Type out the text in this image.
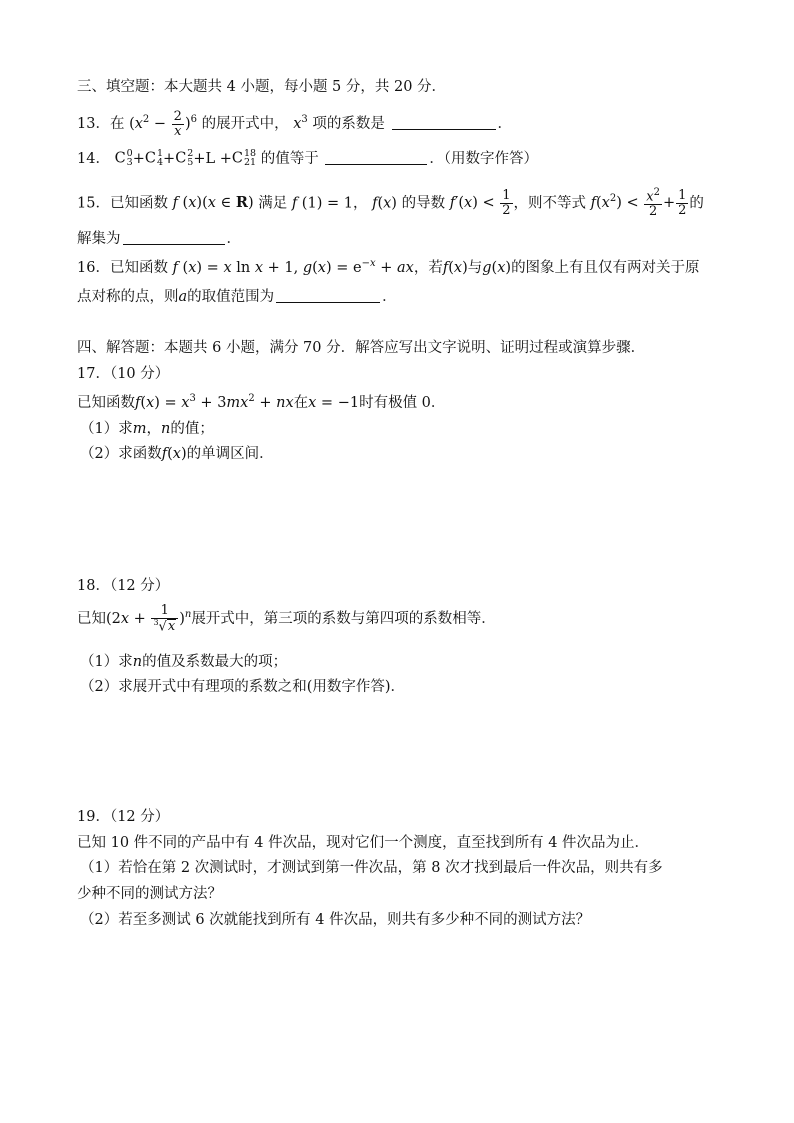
三、填空题：本大题共 4 小题，每小题 5 分，共 20 分．
13．在 $(x^2 - \frac{2}{x} )^6$ 的展开式中， $x^3$ 项的系数是	．
14． C 0
3 +C 1
4 +C 2
5 +L +C 18
21 的值等于	．（用数字作答）
15．已知函数 f (x)(x ∈ R) 满足 f (1) = 1， f(x) 的导数 $f'(x) < \frac{1}{2}$ ，则不等式 $f(x^2) < \frac{x^2}{2} + \frac{1}{2}$ 的
解集为	．
16．已知函数 f (x) = x ln x + 1, $g(x) = e^{-x}$ + ax，若f(x)与g(x)的图象上有且仅有两对关于原
点对称的点，则a的取值范围为	．
四、解答题：本题共 6 小题，满分 70 分．解答应写出文字说明、证明过程或演算步骤．
17．（10 分）
已知函数$f(x) = x^3 + 3mx^2$ + nx在x = −1时有极值 0．
（1）求m，n的值；
（2）求函数f(x)的单调区间．
18．（12 分）
已知$(2x + \frac{1}{^3√x} )^n$展开式中，第三项的系数与第四项的系数相等．
（1）求n的值及系数最大的项；
（2）求展开式中有理项的系数之和(用数字作答)．
19．（12 分）
已知 10 件不同的产品中有 4 件次品，现对它们一个测度，直至找到所有 4 件次品为止．
（1）若恰在第 2 次测试时，才测试到第一件次品，第 8 次才找到最后一件次品，则共有多
少种不同的测试方法？
（2）若至多测试 6 次就能找到所有 4 件次品，则共有多少种不同的测试方法？
